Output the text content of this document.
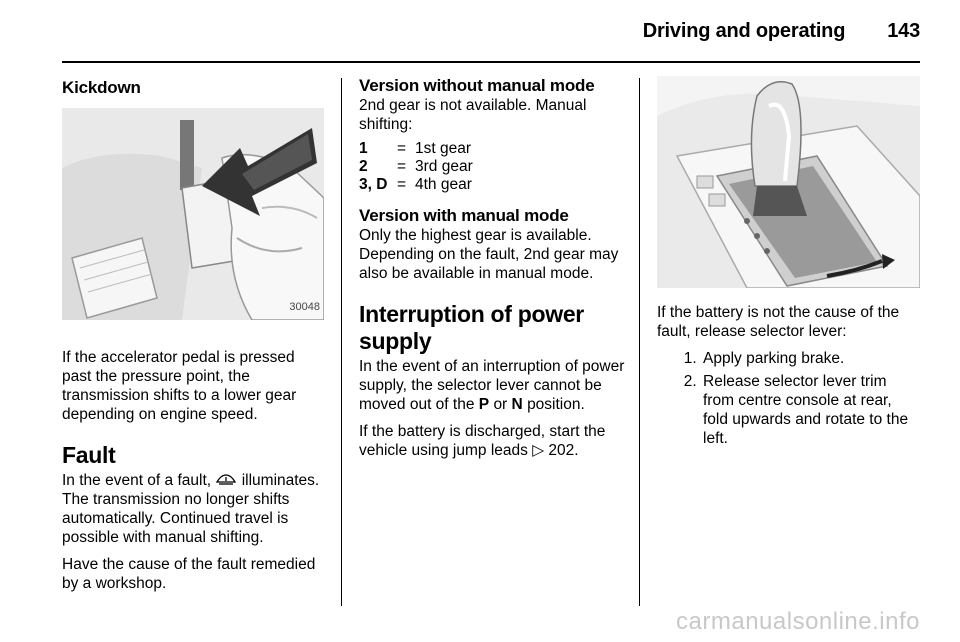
Driving and operating 143
Kickdown
30048

If the accelerator pedal is pressed past the pressure point, the transmission shifts to a lower gear depending on engine speed.

Fault

In the event of a fault, illuminates. The transmission no longer shifts automatically. Continued travel is possible with manual shifting.

Have the cause of the fault remedied by a workshop.

Version without manual mode

2nd gear is not available. Manual shifting:

1	=	1st gear
2	=	3rd gear
3, D	=	4th gear
Version with manual mode

Only the highest gear is available. Depending on the fault, 2nd gear may also be available in manual mode.

Interruption of power supply

In the event of an interruption of power supply, the selector lever cannot be moved out of the P or N position.

If the battery is discharged, start the vehicle using jump leads ▷ 202.

If the battery is not the cause of the fault, release selector lever:

1. Apply parking brake.
2. Release selector lever trim from centre console at rear, fold upwards and rotate to the left.
carmanualsonline.info
